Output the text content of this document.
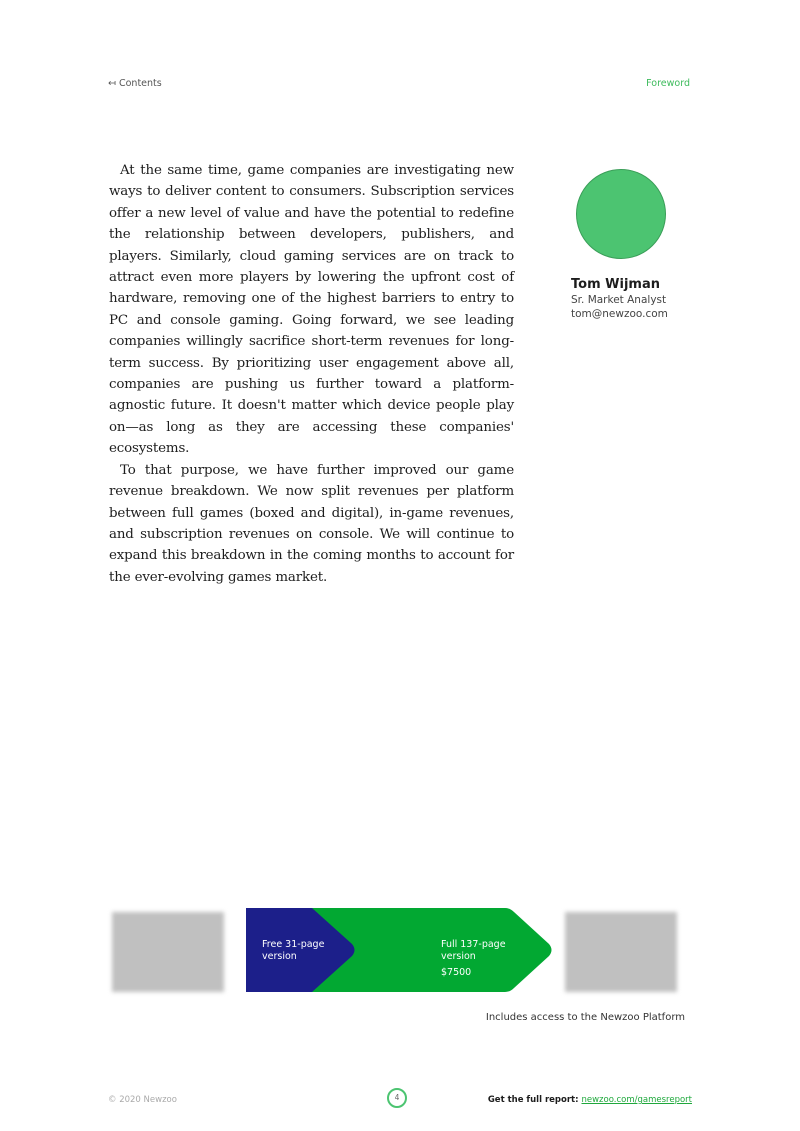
↤ Contents	Foreword

At the same time, game companies are investigating new ways to deliver content to consumers. Subscription services offer a new level of value and have the potential to redefine the relationship between developers, publishers, and players. Similarly, cloud gaming services are on track to attract even more players by lowering the upfront cost of hardware, removing one of the highest barriers to entry to PC and console gaming. Going forward, we see leading companies willingly sacrifice short-term revenues for long-term success. By prioritizing user engagement above all, companies are pushing us further toward a platform-agnostic future. It doesn't matter which device people play on—as long as they are accessing these companies' ecosystems.

To that purpose, we have further improved our game revenue breakdown. We now split revenues per platform between full games (boxed and digital), in-game revenues, and subscription revenues on console. We will continue to expand this breakdown in the coming months to account for the ever-evolving games market.

Tom Wijman
Sr. Market Analyst
tom@newzoo.com
Free 31-page version
Full 137-page version
$7500
Includes access to the Newzoo Platform
© 2020 Newzoo	4	Get the full report: newzoo.com/gamesreport
